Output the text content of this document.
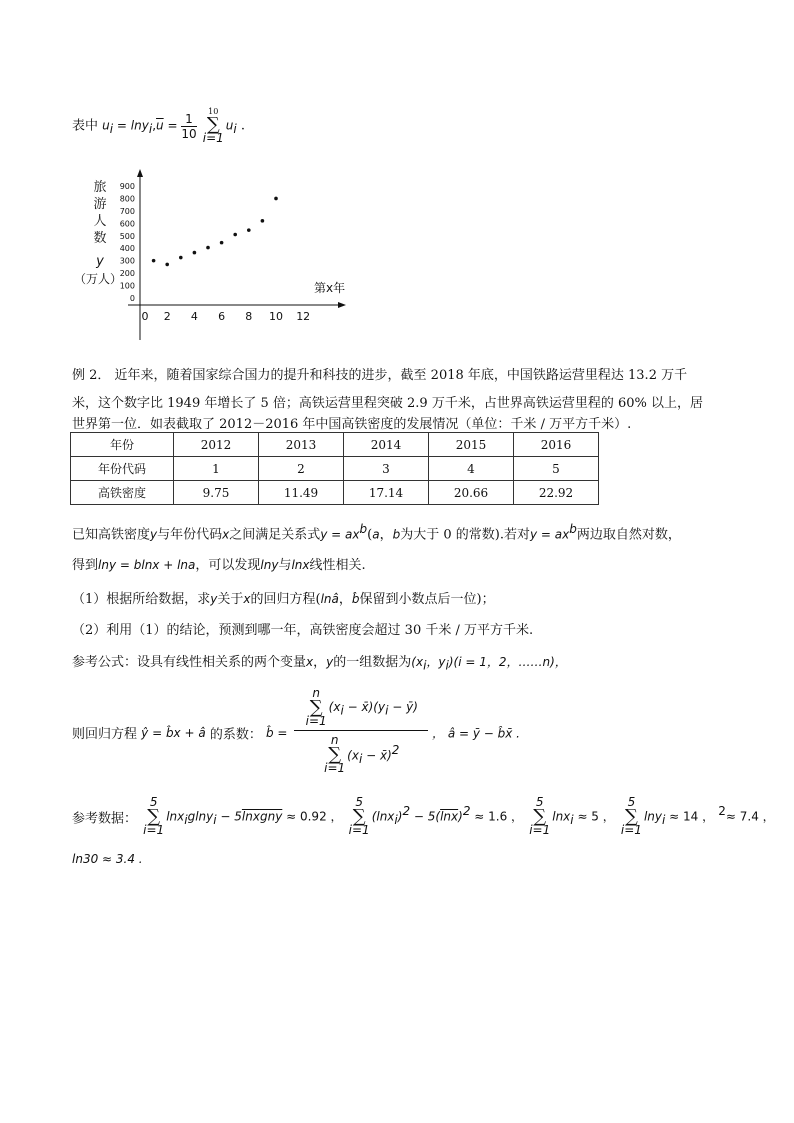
表中 $u_i = \ln y_i,\overline{u} = \frac{1}{10} 10$
∑
$i=1u_i$ .
旅
游
人
数
y
（万人）
0
100
200
300
400
500
600
700
800
900
0 2 4 6 8 10 12
第x年
例 2． 近年来，随着国家综合国力的提升和科技的进步，截至 2018 年底，中国铁路运营里程达 13.2 万千
米，这个数字比 1949 年增长了 5 倍；高铁运营里程突破 2.9 万千米，占世界高铁运营里程的 60% 以上，居
世界第一位．如表截取了 2012－2016 年中国高铁密度的发展情况（单位：千米 / 万平方千米）.
年份	2012	2013	2014	2015	2016
年份代码	1	2	3	4	5
高铁密度	9.75	11.49	17.14	20.66	22.92
已知高铁密度y与年份代码x之间满足关系式$y = ax^b(a$，b为大于 0 的常数).若对$y = ax^b$两边取自然对数，
得到lny = blnx + lna，可以发现lny与lnx线性相关.
（1）根据所给数据，求y关于x的回归方程(lnâ，b̂保留到小数点后一位)；
（2）利用（1）的结论，预测到哪一年，高铁密度会超过 30 千米 / 万平方千米.
参考公式：设具有线性相关系的两个变量x，y的一组数据为($x_i$，$y_i)(i = 1$，2，……n)，
则回归方程 ŷ = b̂x + â 的系数： b̂ = n
∑
$i=1(x_i$ − $x̄)(y_i$ − ȳ)
n
∑
$i=1(x_i$ − x̄)$^2$ ， â = ȳ − b̂x̄ .
参考数据： 5
∑
$i=1\ln x_iglny_i - 5\overline{lnx}\overline{gny} \approx 0.92$ ， 5
∑
$i=1(\ln x_i)^2 - 5(\overline{lnx})^2 \approx 1.6$ ， 5
∑
i=1lnx$_i$ ≈ 5 ， 5
∑
i=1lny$_i$ ≈ 14 ， $^2$≈ 7.4 ，
ln30 ≈ 3.4 .
